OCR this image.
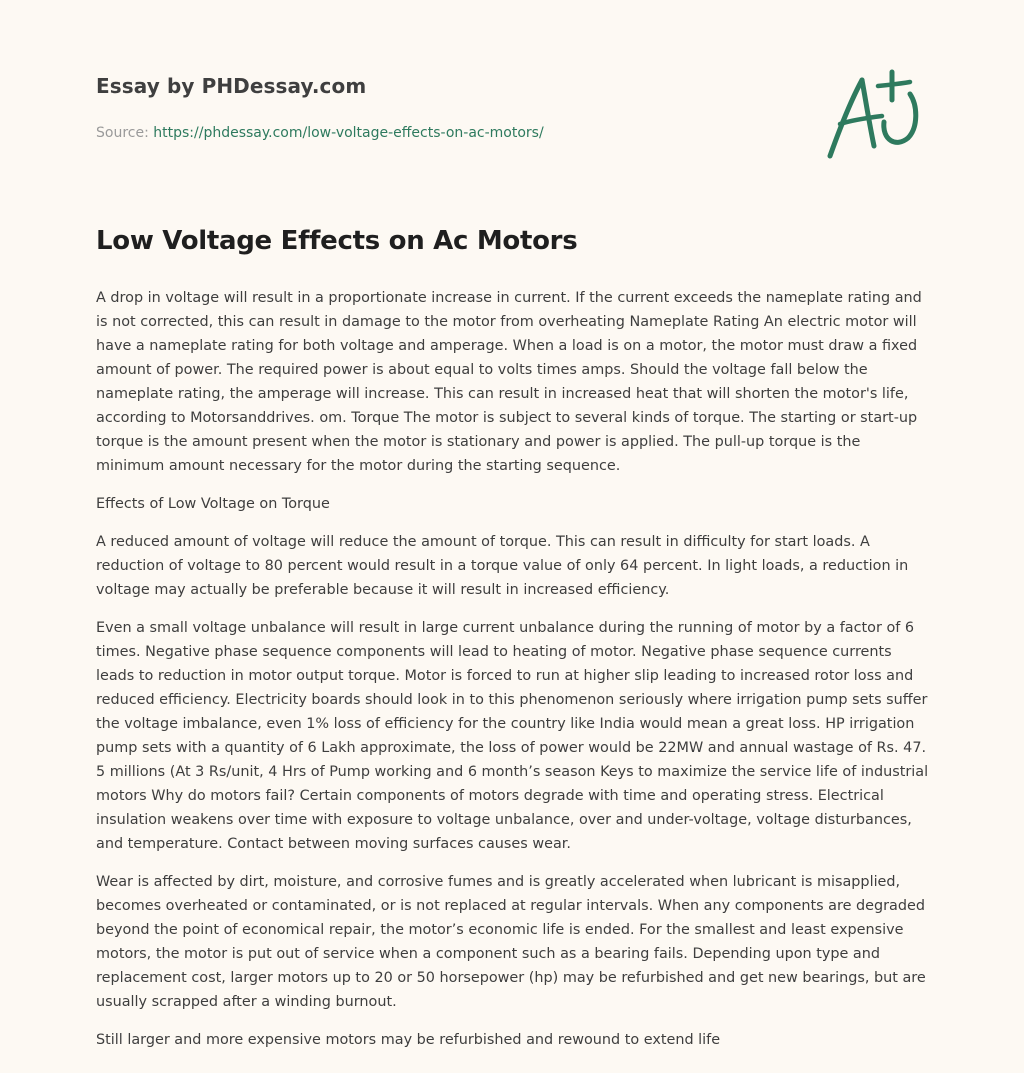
Essay by PHDessay.com
Source: https://phdessay.com/low-voltage-effects-on-ac-motors/
Low Voltage Effects on Ac Motors

A drop in voltage will result in a proportionate increase in current. If the current exceeds the nameplate rating and is not corrected, this can result in damage to the motor from overheating Nameplate Rating An electric motor will have a nameplate rating for both voltage and amperage. When a load is on a motor, the motor must draw a fixed amount of power. The required power is about equal to volts times amps. Should the voltage fall below the nameplate rating, the amperage will increase. This can result in increased heat that will shorten the motor's life, according to Motorsanddrives. om. Torque The motor is subject to several kinds of torque. The starting or start-up torque is the amount present when the motor is stationary and power is applied. The pull-up torque is the minimum amount necessary for the motor during the starting sequence.

Effects of Low Voltage on Torque

A reduced amount of voltage will reduce the amount of torque. This can result in difficulty for start loads. A reduction of voltage to 80 percent would result in a torque value of only 64 percent. In light loads, a reduction in voltage may actually be preferable because it will result in increased efficiency.

Even a small voltage unbalance will result in large current unbalance during the running of motor by a factor of 6 times. Negative phase sequence components will lead to heating of motor. Negative phase sequence currents leads to reduction in motor output torque. Motor is forced to run at higher slip leading to increased rotor loss and reduced efficiency. Electricity boards should look in to this phenomenon seriously where irrigation pump sets suffer the voltage imbalance, even 1% loss of efficiency for the country like India would mean a great loss. HP irrigation pump sets with a quantity of 6 Lakh approximate, the loss of power would be 22MW and annual wastage of Rs. 47. 5 millions (At 3 Rs/unit, 4 Hrs of Pump working and 6 month’s season Keys to maximize the service life of industrial motors Why do motors fail? Certain components of motors degrade with time and operating stress. Electrical insulation weakens over time with exposure to voltage unbalance, over and under-voltage, voltage disturbances, and temperature. Contact between moving surfaces causes wear.

Wear is affected by dirt, moisture, and corrosive fumes and is greatly accelerated when lubricant is misapplied, becomes overheated or contaminated, or is not replaced at regular intervals. When any components are degraded beyond the point of economical repair, the motor’s economic life is ended. For the smallest and least expensive motors, the motor is put out of service when a component such as a bearing fails. Depending upon type and replacement cost, larger motors up to 20 or 50 horsepower (hp) may be refurbished and get new bearings, but are usually scrapped after a winding burnout.

Still larger and more expensive motors may be refurbished and rewound to extend life
